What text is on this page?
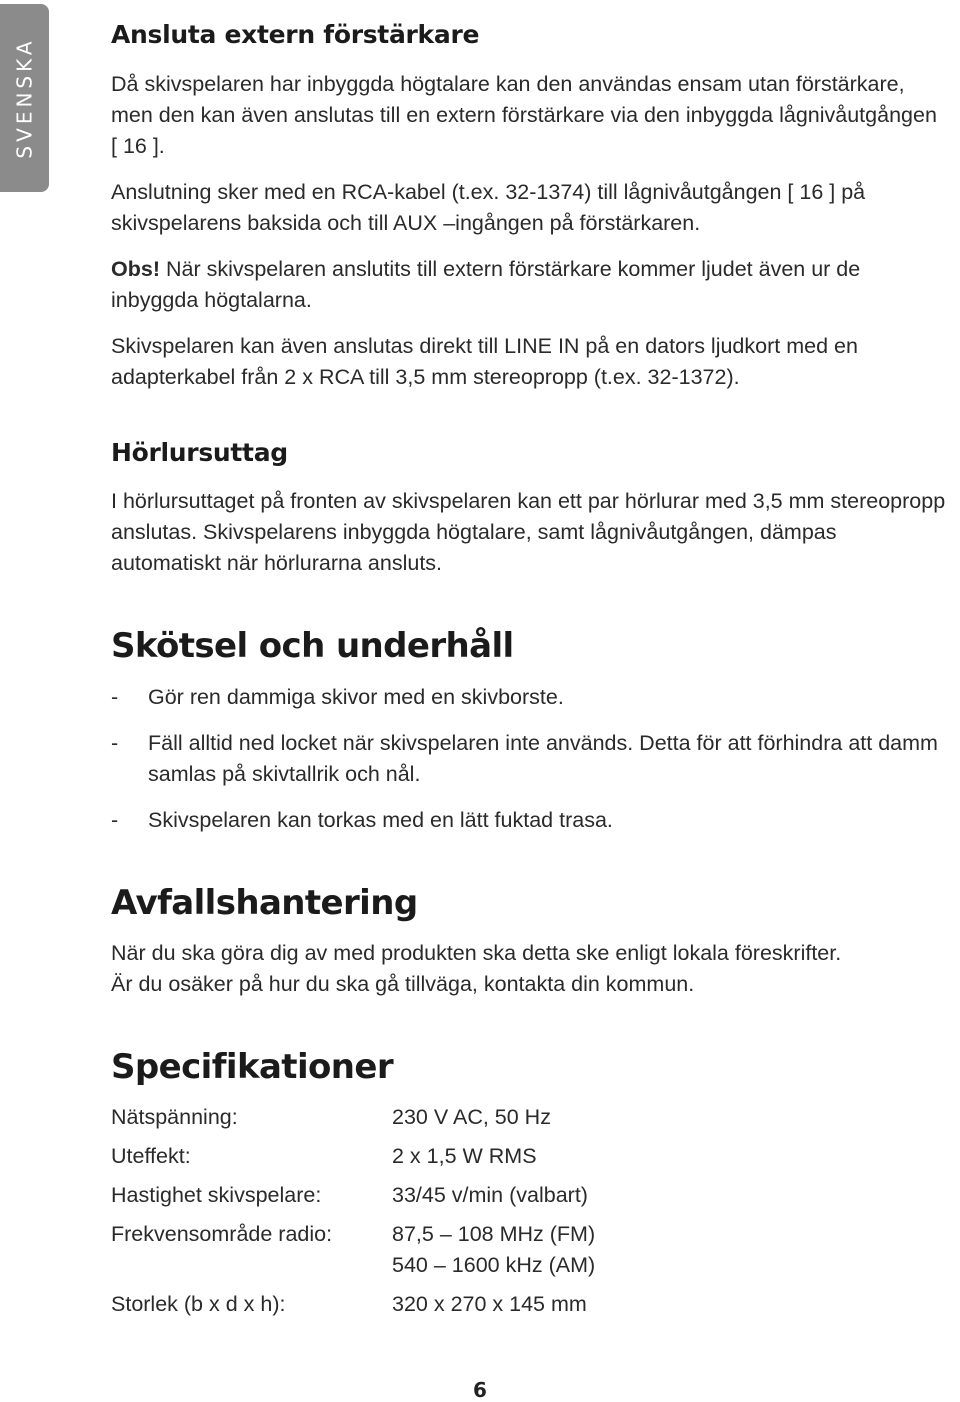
SVENSKA
Ansluta extern förstärkare

Då skivspelaren har inbyggda högtalare kan den användas ensam utan förstärkare, men den kan även anslutas till en extern förstärkare via den inbyggda lågnivåutgången [ 16 ].

Anslutning sker med en RCA-kabel (t.ex. 32-1374) till lågnivåutgången [ 16 ] på skivspelarens baksida och till AUX –ingången på förstärkaren.

Obs! När skivspelaren anslutits till extern förstärkare kommer ljudet även ur de inbyggda högtalarna.

Skivspelaren kan även anslutas direkt till LINE IN på en dators ljudkort med en adapterkabel från 2 x RCA till 3,5 mm stereopropp (t.ex. 32-1372).

Hörlursuttag

I hörlursuttaget på fronten av skivspelaren kan ett par hörlurar med 3,5 mm stereopropp anslutas. Skivspelarens inbyggda högtalare, samt lågnivåutgången, dämpas automatiskt när hörlurarna ansluts.

Skötsel och underhåll
- Gör ren dammiga skivor med en skivborste.
- Fäll alltid ned locket när skivspelaren inte används. Detta för att förhindra att damm samlas på skivtallrik och nål.
- Skivspelaren kan torkas med en lätt fuktad trasa.
Avfallshantering

När du ska göra dig av med produkten ska detta ske enligt lokala föreskrifter.

Är du osäker på hur du ska gå tillväga, kontakta din kommun.

Specifikationer
Nätspänning:	230 V AC, 50 Hz
Uteffekt:	2 x 1,5 W RMS
Hastighet skivspelare:	33/45 v/min (valbart)
Frekvensområde radio:	87,5 – 108 MHz (FM)
540 – 1600 kHz (AM)
Storlek (b x d x h):	320 x 270 x 145 mm
6
